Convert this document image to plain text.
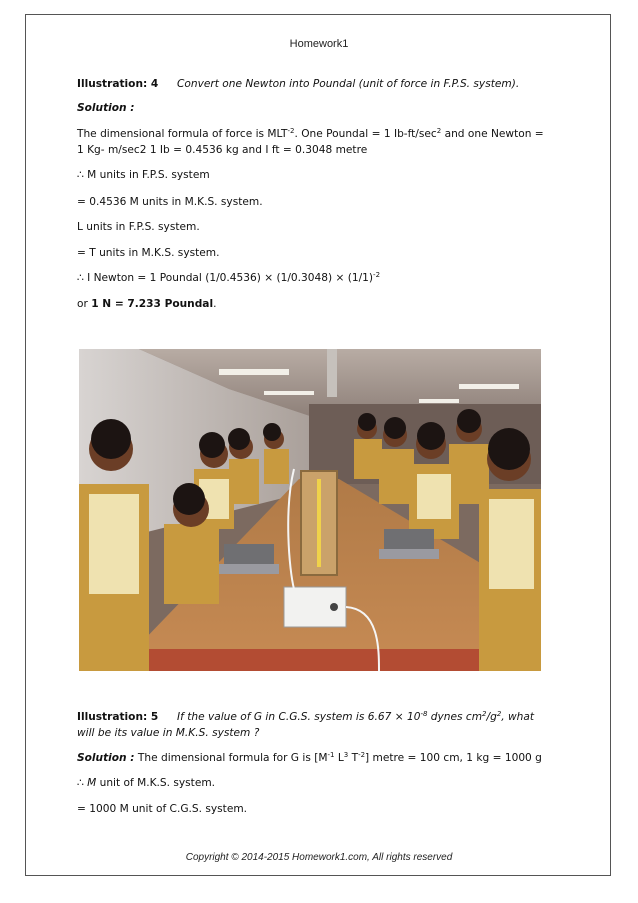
Homework1
Illustration: 4 Convert one Newton into Poundal (unit of force in F.P.S. system).
Solution :
The dimensional formula of force is $MLT^{-2}$. One Poundal = 1 $Ib-ft/\sec^2$ and one Newton =
1 Kg- m/sec2 1 Ib = 0.4536 kg and I ft = 0.3048 metre
∴ M units in F.P.S. system
= 0.4536 M units in M.K.S. system.
L units in F.P.S. system.
= T units in M.K.S. system.
∴ I Newton = 1 Poundal $(1/0.4536) \times (1/0.3048) \times (1/1)^{-2}$
or 1 N = 7.233 Poundal.
Illustration: 5 If the value of G in C.G.S. system is $6.67 \times 10^{-8}$ dynes $cm^2/g^2$, what
will be its value in M.K.S. system ?
Solution : The dimensional formula for G is [$M^{-1}$ $L^3$ $T^{-2}$] metre = 100 cm, 1 kg = 1000 g
∴ M unit of M.K.S. system.
= 1000 M unit of C.G.S. system.
Copyright © 2014-2015 Homework1.com, All rights reserved
